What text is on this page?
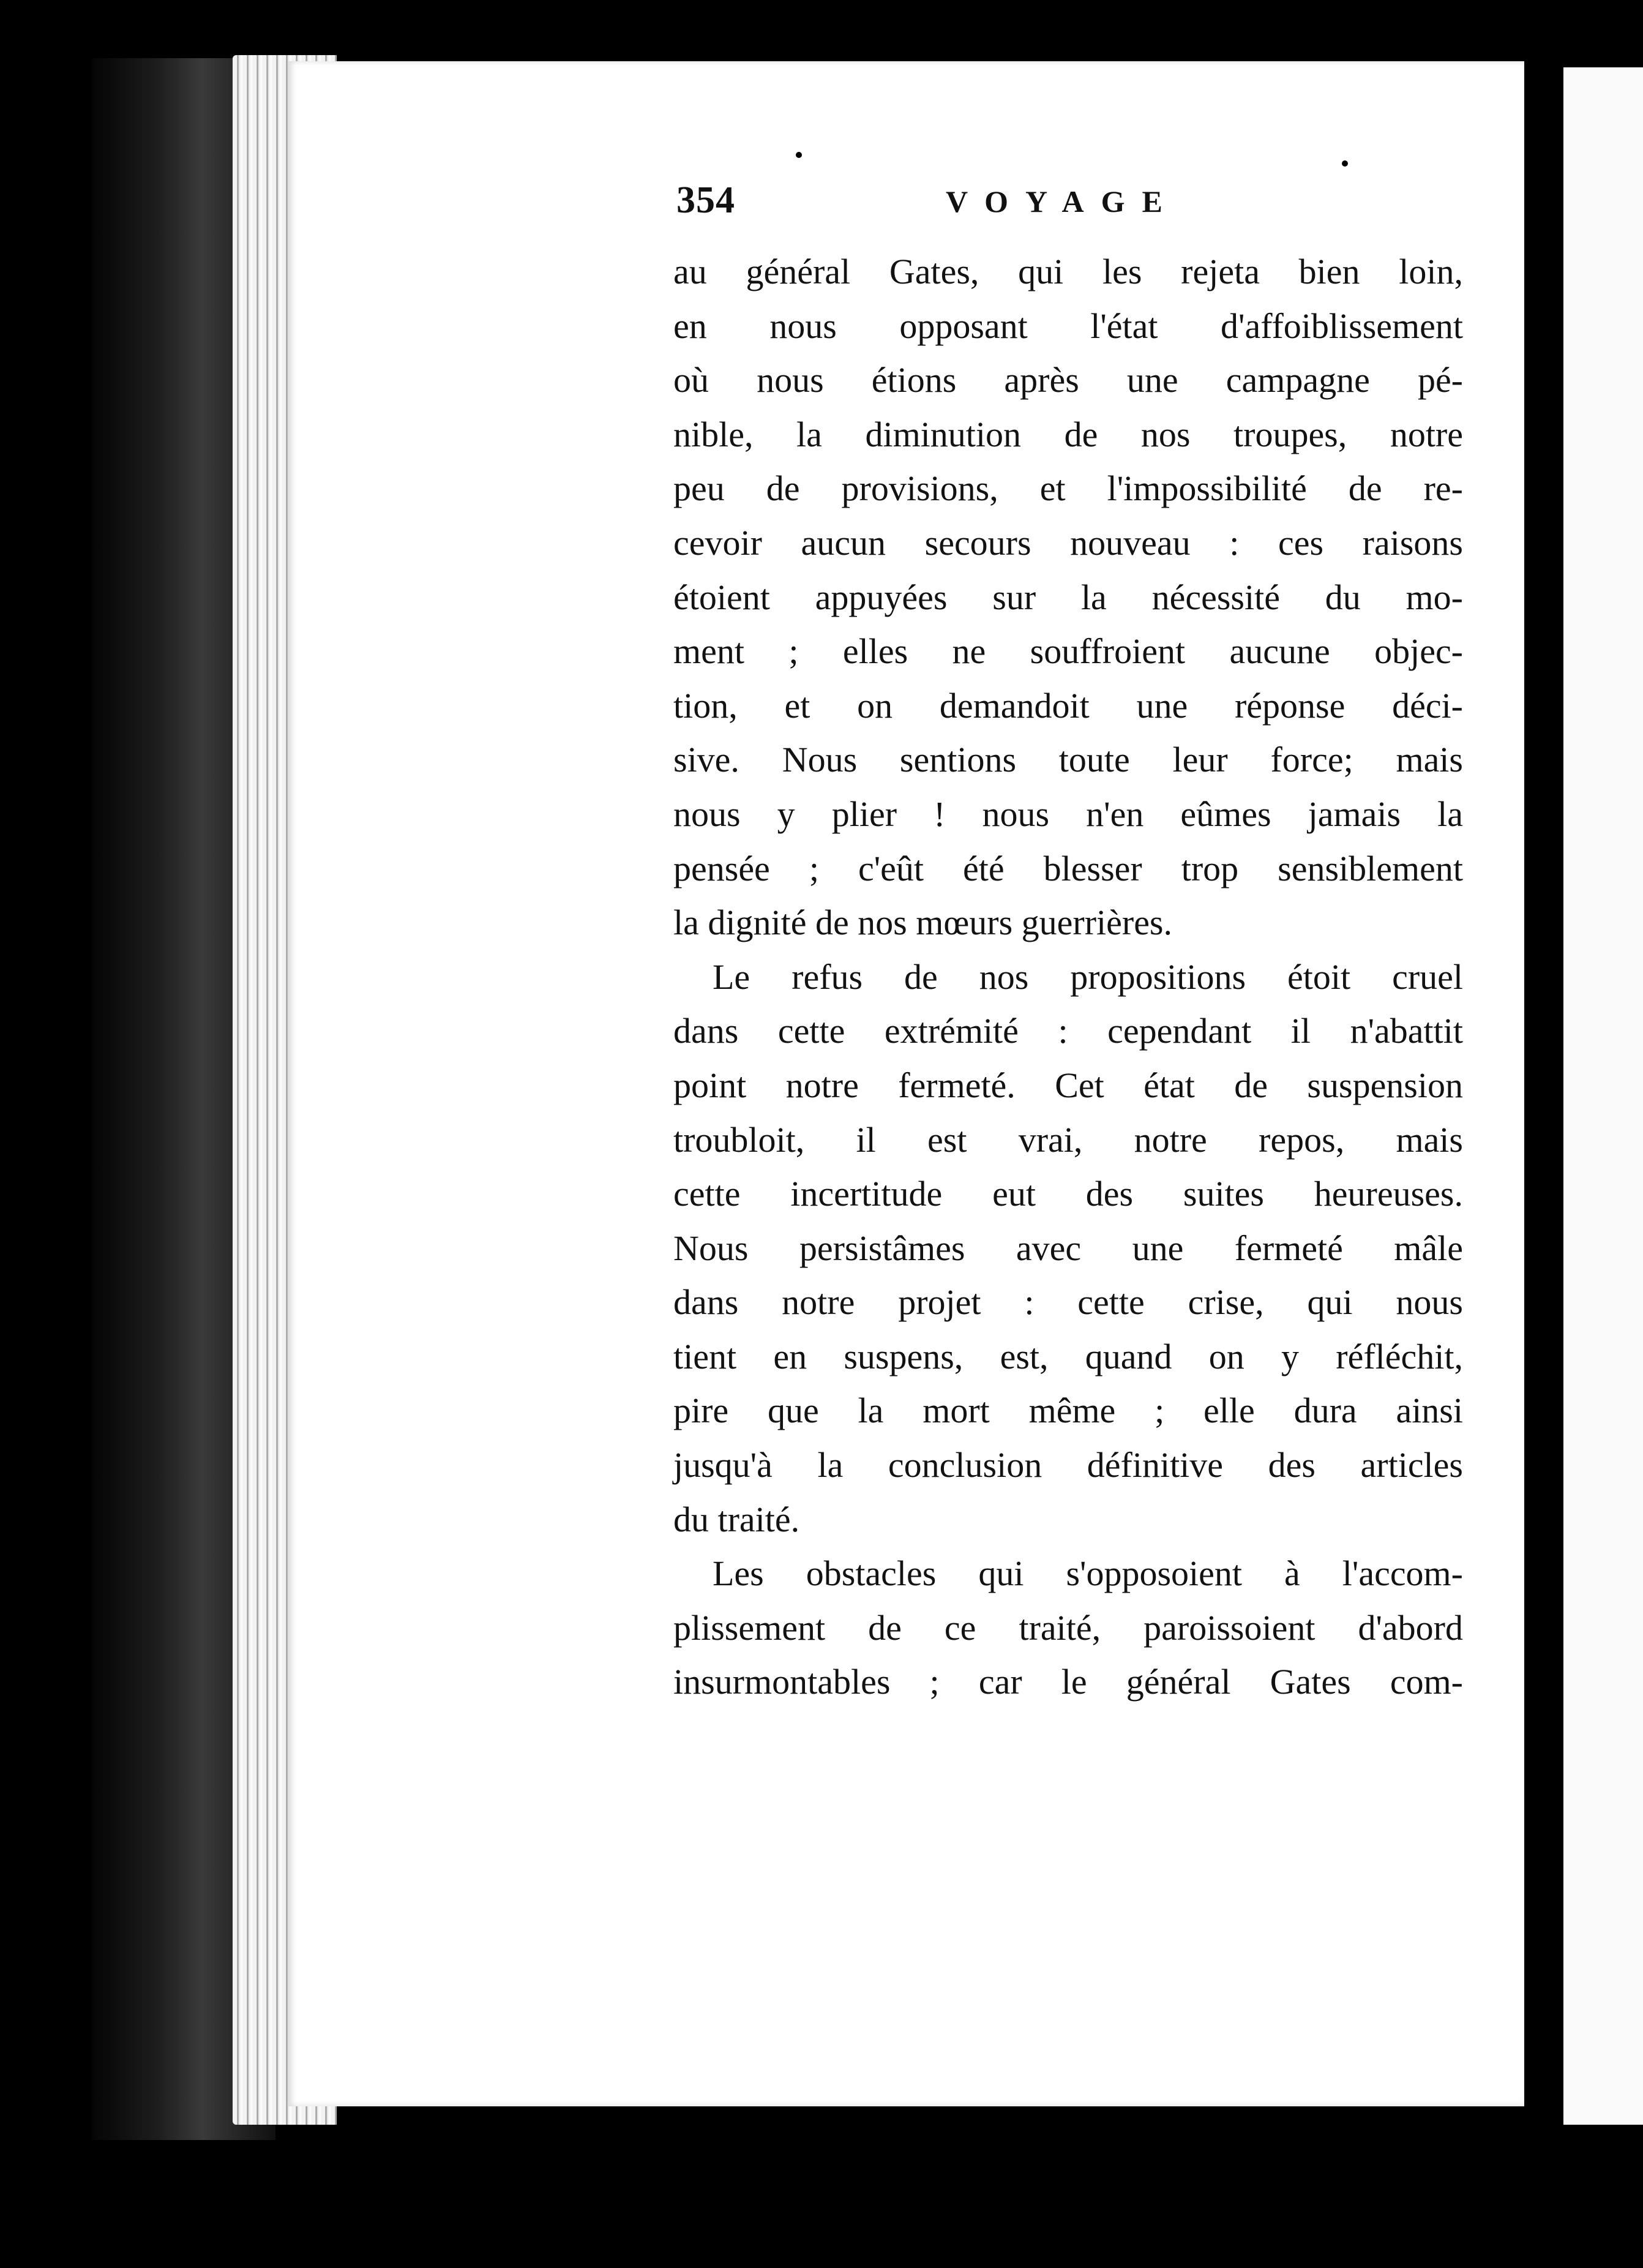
354	VOYAGE
au général Gates, qui les rejeta bien loin,
en nous opposant l'état d'affoiblissement
où nous étions après une campagne pé-
nible, la diminution de nos troupes, notre
peu de provisions, et l'impossibilité de re-
cevoir aucun secours nouveau : ces raisons
étoient appuyées sur la nécessité du mo-
ment ; elles ne souffroient aucune objec-
tion, et on demandoit une réponse déci-
sive. Nous sentions toute leur force; mais
nous y plier ! nous n'en eûmes jamais la
pensée ; c'eût été blesser trop sensiblement
la dignité de nos mœurs guerrières.
Le refus de nos propositions étoit cruel
dans cette extrémité : cependant il n'abattit
point notre fermeté. Cet état de suspension
troubloit, il est vrai, notre repos, mais
cette incertitude eut des suites heureuses.
Nous persistâmes avec une fermeté mâle
dans notre projet : cette crise, qui nous
tient en suspens, est, quand on y réfléchit,
pire que la mort même ; elle dura ainsi
jusqu'à la conclusion définitive des articles
du traité.
Les obstacles qui s'opposoient à l'accom-
plissement de ce traité, paroissoient d'abord
insurmontables ; car le général Gates com-
